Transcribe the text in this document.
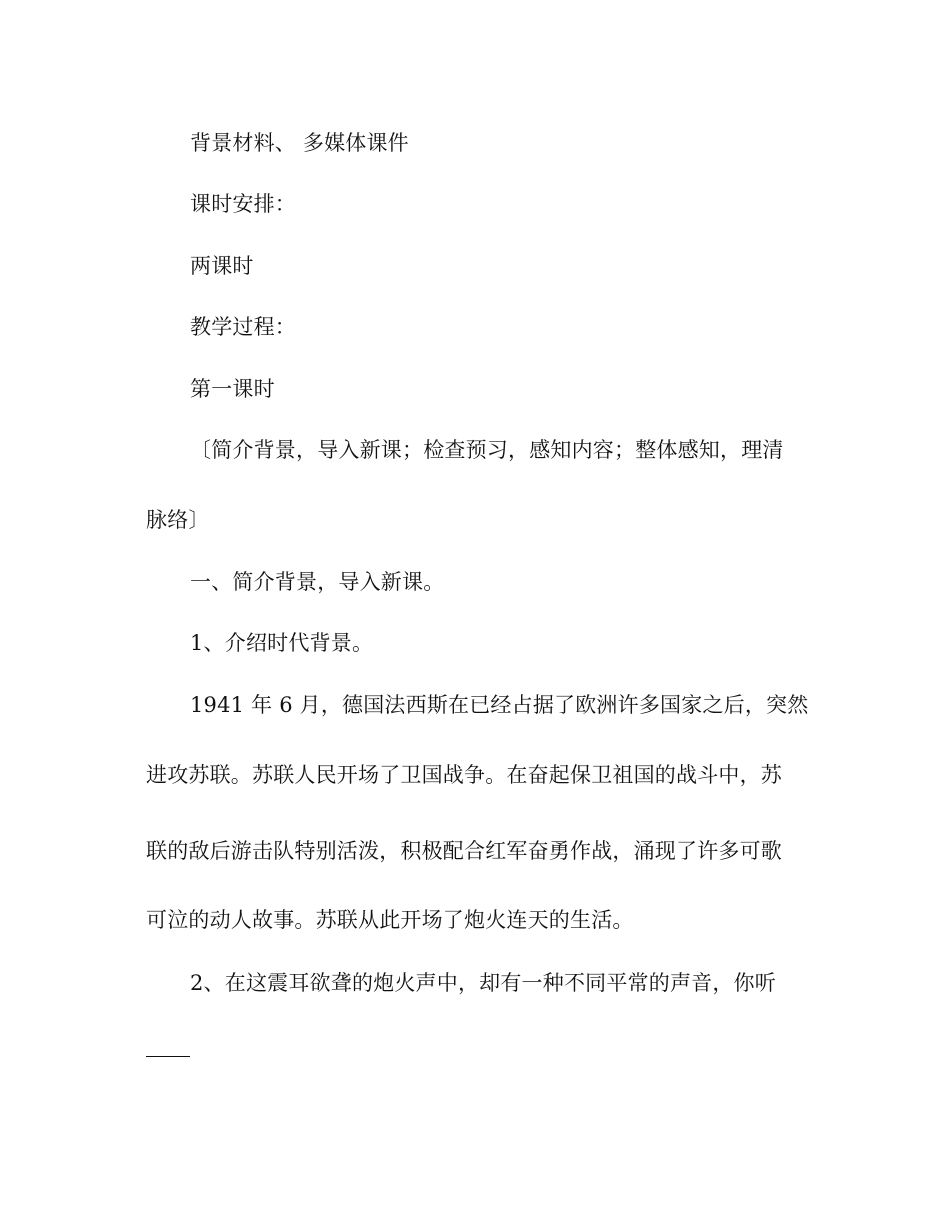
背景材料、 多媒体课件
课时安排：
两课时
教学过程：
第一课时
〔简介背景，导入新课；检查预习，感知内容；整体感知，理清
脉络〕
一、简介背景，导入新课。
1、介绍时代背景。
1941 年 6 月，德国法西斯在已经占据了欧洲许多国家之后，突然
进攻苏联。苏联人民开场了卫国战争。在奋起保卫祖国的战斗中，苏
联的敌后游击队特别活泼，积极配合红军奋勇作战，涌现了许多可歌
可泣的动人故事。苏联从此开场了炮火连天的生活。
2、在这震耳欲聋的炮火声中，却有一种不同平常的声音，你听
